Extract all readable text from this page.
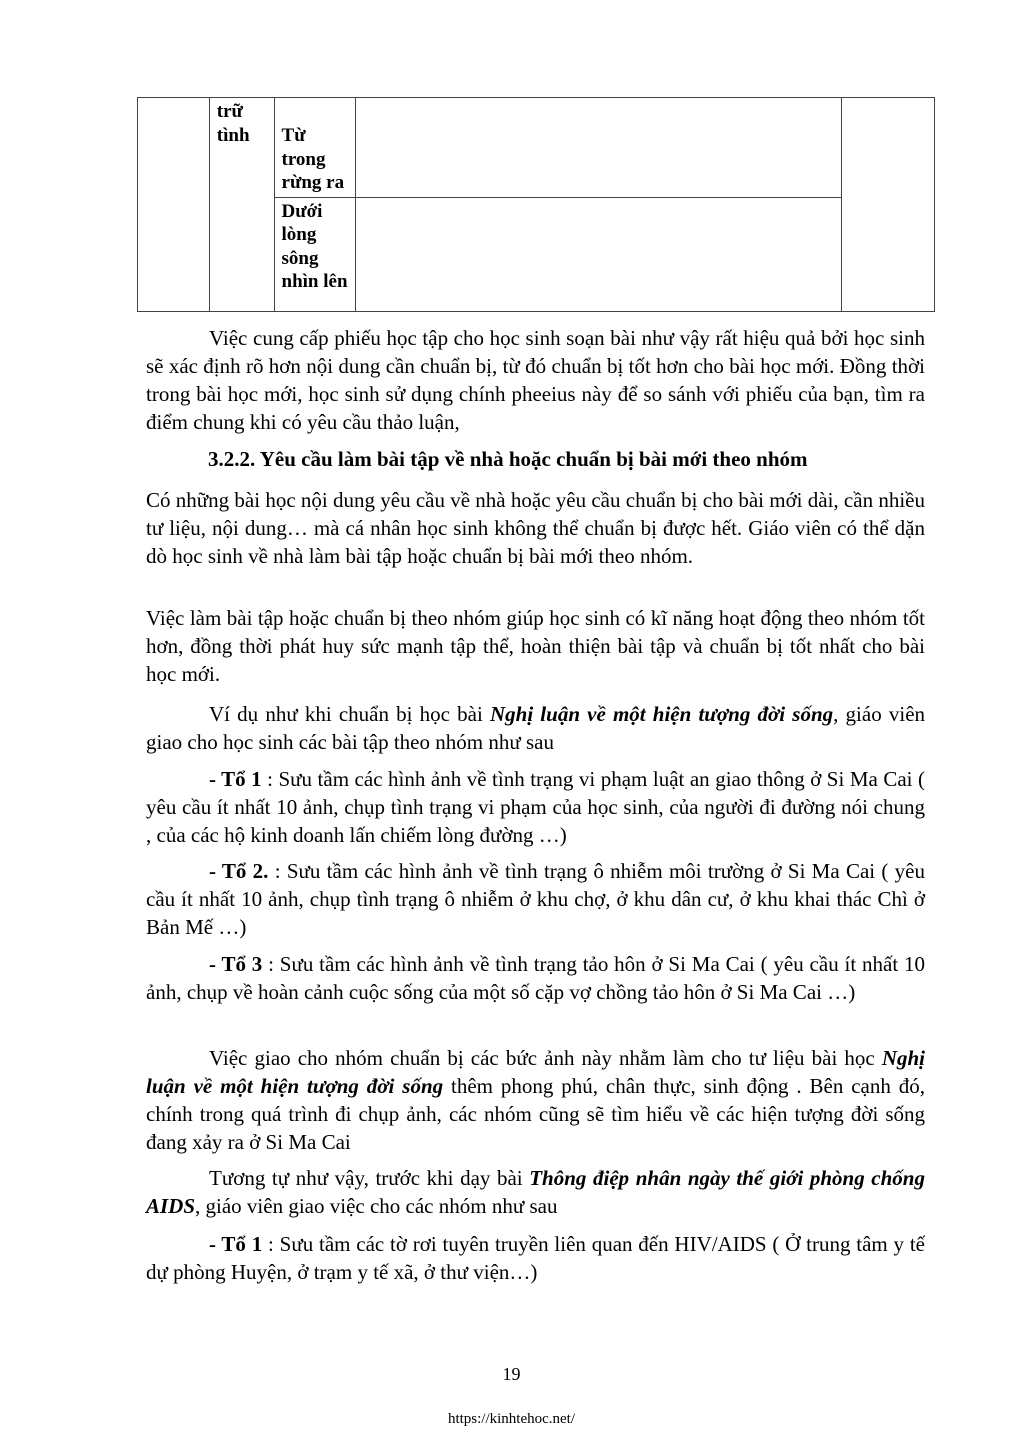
	trữ tình	Từ trong rừng ra		

		Dưới lòng sông nhìn lên		

Việc cung cấp phiếu học tập cho học sinh soạn bài như vậy rất hiệu quả bởi học sinh sẽ xác định rõ hơn nội dung cần chuẩn bị, từ đó chuẩn bị tốt hơn cho bài học mới. Đồng thời trong bài học mới, học sinh sử dụng chính pheeius này để so sánh với phiếu của bạn, tìm ra điểm chung khi có yêu cầu thảo luận,

3.2.2. Yêu cầu làm bài tập về nhà hoặc chuẩn bị bài mới theo nhóm

Có những bài học nội dung yêu cầu về nhà hoặc yêu cầu chuẩn bị cho bài mới dài, cần nhiều tư liệu, nội dung… mà cá nhân học sinh không thể chuẩn bị được hết. Giáo viên có thể dặn dò học sinh về nhà làm bài tập hoặc chuẩn bị bài mới theo nhóm.

Việc làm bài tập hoặc chuẩn bị theo nhóm giúp học sinh có kĩ năng hoạt động theo nhóm tốt hơn, đồng thời phát huy sức mạnh tập thể, hoàn thiện bài tập và chuẩn bị tốt nhất cho bài học mới.

Ví dụ như khi chuẩn bị học bài Nghị luận về một hiện tượng đời sống, giáo viên giao cho học sinh các bài tập theo nhóm như sau

- Tổ 1 : Sưu tầm các hình ảnh về tình trạng vi phạm luật an giao thông ở Si Ma Cai ( yêu cầu ít nhất 10 ảnh, chụp tình trạng vi phạm của học sinh, của người đi đường nói chung , của các hộ kinh doanh lấn chiếm lòng đường …)

- Tổ 2. : Sưu tầm các hình ảnh về tình trạng ô nhiễm môi trường ở Si Ma Cai ( yêu cầu ít nhất 10 ảnh, chụp tình trạng ô nhiễm ở khu chợ, ở khu dân cư, ở khu khai thác Chì ở Bản Mế …)

- Tổ 3 : Sưu tầm các hình ảnh về tình trạng tảo hôn ở Si Ma Cai ( yêu cầu ít nhất 10 ảnh, chụp về hoàn cảnh cuộc sống của một số cặp vợ chồng tảo hôn ở Si Ma Cai …)

Việc giao cho nhóm chuẩn bị các bức ảnh này nhằm làm cho tư liệu bài học Nghị luận về một hiện tượng đời sống thêm phong phú, chân thực, sinh động . Bên cạnh đó, chính trong quá trình đi chụp ảnh, các nhóm cũng sẽ tìm hiểu về các hiện tượng đời sống đang xảy ra ở Si Ma Cai

Tương tự như vậy, trước khi dạy bài Thông điệp nhân ngày thế giới phòng chống AIDS, giáo viên giao việc cho các nhóm như sau

- Tổ 1 : Sưu tầm các tờ rơi tuyên truyền liên quan đến HIV/AIDS ( Ở trung tâm y tế dự phòng Huyện, ở trạm y tế xã, ở thư viện…)

19
https://kinhtehoc.net/
